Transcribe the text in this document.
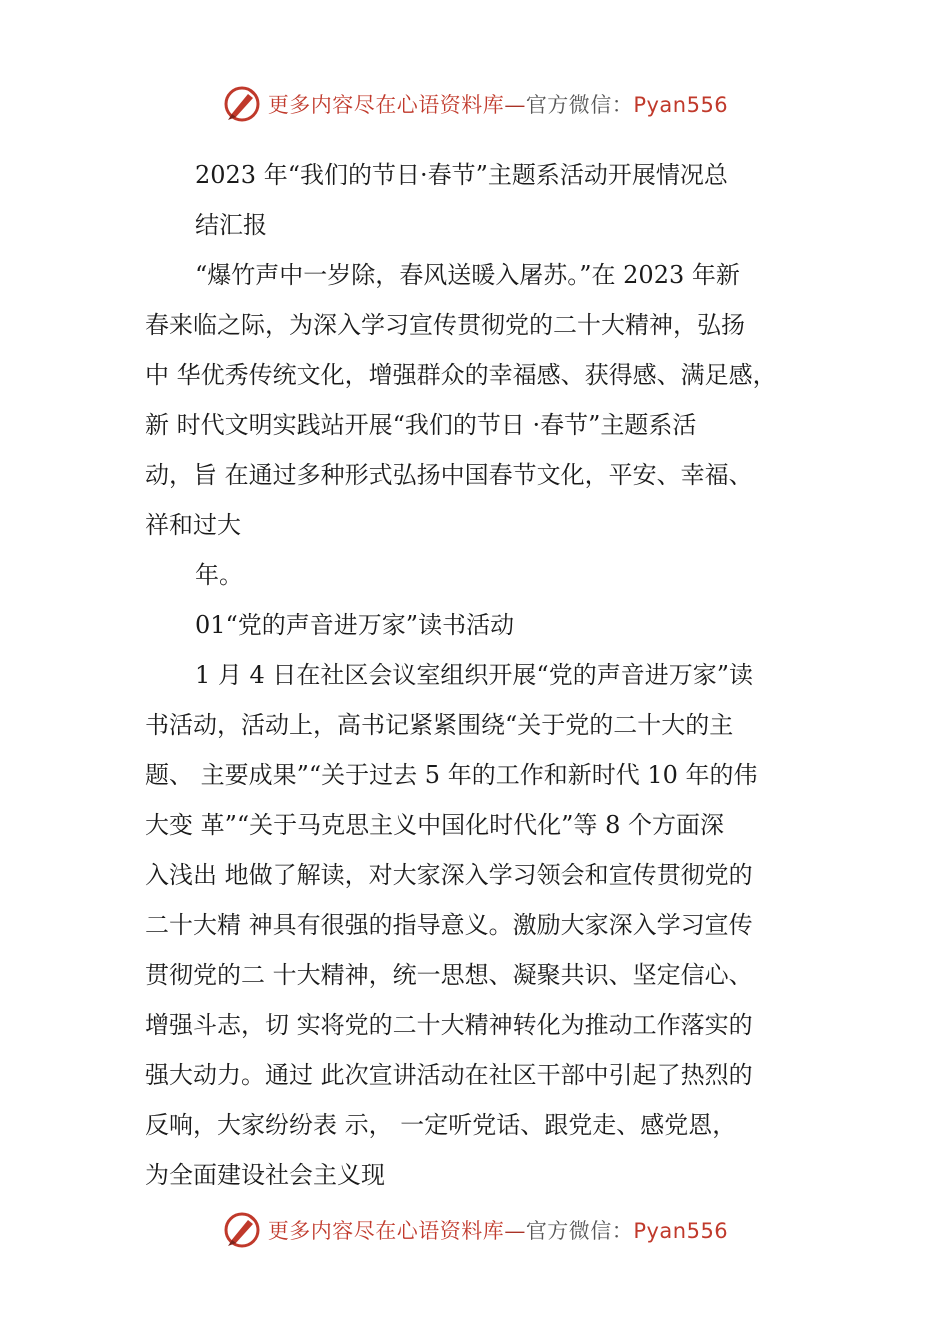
更多内容尽在心语资料库—官方微信：Pyan556

2023 年“我们的节日·春节”主题系活动开展情况总

结汇报

“爆竹声中一岁除，春风送暖入屠苏。”在 2023 年新

春来临之际，为深入学习宣传贯彻党的二十大精神，弘扬

中 华优秀传统文化，增强群众的幸福感、获得感、满足感，

新 时代文明实践站开展“我们的节日 ·春节”主题系活

动，旨 在通过多种形式弘扬中国春节文化，平安、幸福、

祥和过大

年。

01“党的声音进万家”读书活动

1 月 4 日在社区会议室组织开展“党的声音进万家”读

书活动，活动上，高书记紧紧围绕“关于党的二十大的主

题、 主要成果”“关于过去 5 年的工作和新时代 10 年的伟

大变 革”“关于马克思主义中国化时代化”等 8 个方面深

入浅出 地做了解读，对大家深入学习领会和宣传贯彻党的

二十大精 神具有很强的指导意义。激励大家深入学习宣传

贯彻党的二 十大精神，统一思想、凝聚共识、坚定信心、

增强斗志，切 实将党的二十大精神转化为推动工作落实的

强大动力。通过 此次宣讲活动在社区干部中引起了热烈的

反响，大家纷纷表 示， 一定听党话、跟党走、感党恩，

为全面建设社会主义现

更多内容尽在心语资料库—官方微信：Pyan556
